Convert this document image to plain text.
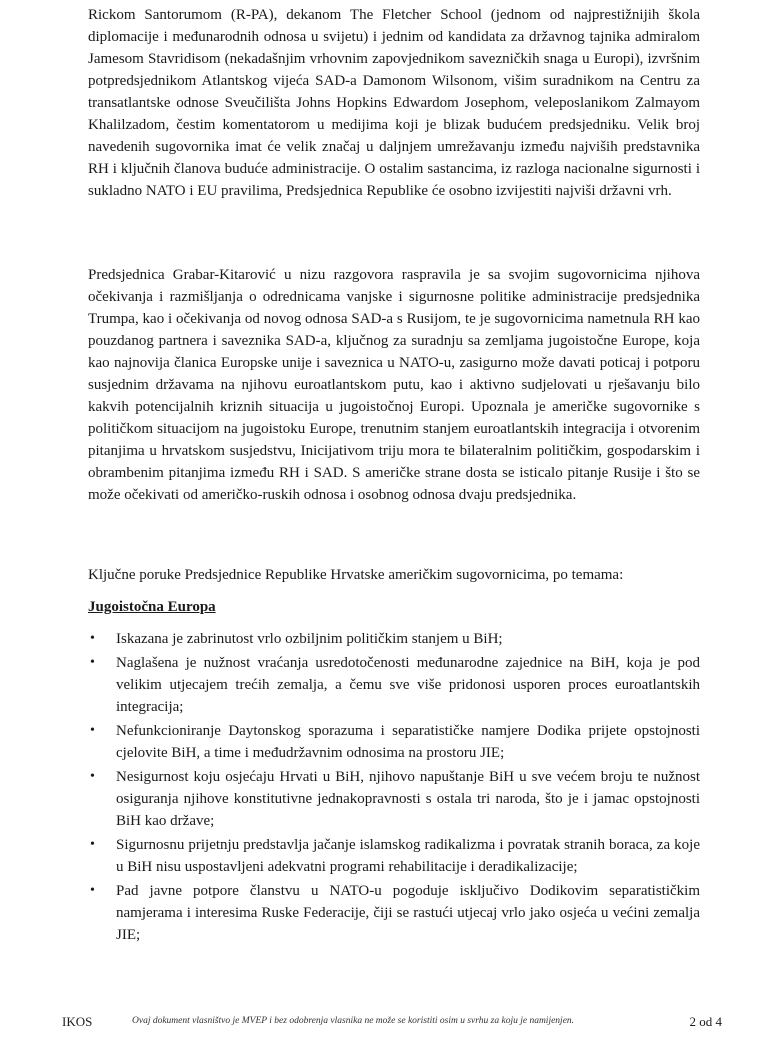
Rickom Santorumom (R-PA), dekanom The Fletcher School (jednom od najprestižnijih škola diplomacije i međunarodnih odnosa u svijetu) i jednim od kandidata za državnog tajnika admiralom Jamesom Stavridisom (nekadašnjim vrhovnim zapovjednikom savezničkih snaga u Europi), izvršnim potpredsjednikom Atlantskog vijeća SAD-a Damonom Wilsonom, višim suradnikom na Centru za transatlantske odnose Sveučilišta Johns Hopkins Edwardom Josephom, veleposlanikom Zalmayom Khalilzadom, čestim komentatorom u medijima koji je blizak budućem predsjedniku. Velik broj navedenih sugovornika imat će velik značaj u daljnjem umrežavanju između najviših predstavnika RH i ključnih članova buduće administracije. O ostalim sastancima, iz razloga nacionalne sigurnosti i sukladno NATO i EU pravilima, Predsjednica Republike će osobno izvijestiti najviši državni vrh.

Predsjednica Grabar-Kitarović u nizu razgovora raspravila je sa svojim sugovornicima njihova očekivanja i razmišljanja o odrednicama vanjske i sigurnosne politike administracije predsjednika Trumpa, kao i očekivanja od novog odnosa SAD-a s Rusijom, te je sugovornicima nametnula RH kao pouzdanog partnera i saveznika SAD-a, ključnog za suradnju sa zemljama jugoistočne Europe, koja kao najnovija članica Europske unije i saveznica u NATO-u, zasigurno može davati poticaj i potporu susjednim državama na njihovu euroatlantskom putu, kao i aktivno sudjelovati u rješavanju bilo kakvih potencijalnih kriznih situacija u jugoistočnoj Europi. Upoznala je američke sugovornike s političkom situacijom na jugoistoku Europe, trenutnim stanjem euroatlantskih integracija i otvorenim pitanjima u hrvatskom susjedstvu, Inicijativom triju mora te bilateralnim političkim, gospodarskim i obrambenim pitanjima između RH i SAD. S američke strane dosta se isticalo pitanje Rusije i što se može očekivati od američko-ruskih odnosa i osobnog odnosa dvaju predsjednika.

Ključne poruke Predsjednice Republike Hrvatske američkim sugovornicima, po temama:

Jugoistočna Europa
• Iskazana je zabrinutost vrlo ozbiljnim političkim stanjem u BiH;
• Naglašena je nužnost vraćanja usredotočenosti međunarodne zajednice na BiH, koja je pod velikim utjecajem trećih zemalja, a čemu sve više pridonosi usporen proces euroatlantskih integracija;
• Nefunkcioniranje Daytonskog sporazuma i separatističke namjere Dodika prijete opstojnosti cjelovite BiH, a time i međudržavnim odnosima na prostoru JIE;
• Nesigurnost koju osjećaju Hrvati u BiH, njihovo napuštanje BiH u sve većem broju te nužnost osiguranja njihove konstitutivne jednakopravnosti s ostala tri naroda, što je i jamac opstojnosti BiH kao države;
• Sigurnosnu prijetnju predstavlja jačanje islamskog radikalizma i povratak stranih boraca, za koje u BiH nisu uspostavljeni adekvatni programi rehabilitacije i deradikalizacije;
• Pad javne potpore članstvu u NATO-u pogoduje isključivo Dodikovim separatističkim namjerama i interesima Ruske Federacije, čiji se rastući utjecaj vrlo jako osjeća u većini zemalja JIE;
IKOS	Ovaj dokument vlasništvo je MVEP i bez odobrenja vlasnika ne može se koristiti osim u svrhu za koju je namijenjen.	2 od 4
